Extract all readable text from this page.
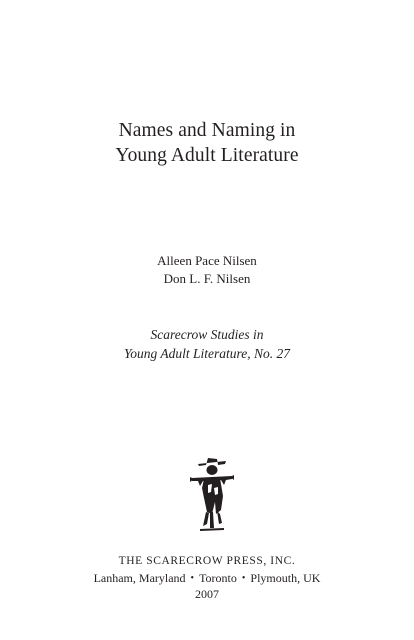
Names and Naming in
Young Adult Literature
Alleen Pace Nilsen
Don L. F. Nilsen
Scarecrow Studies in
Young Adult Literature, No. 27
THE SCARECROW PRESS, INC.
Lanham, Maryland • Toronto • Plymouth, UK
2007
